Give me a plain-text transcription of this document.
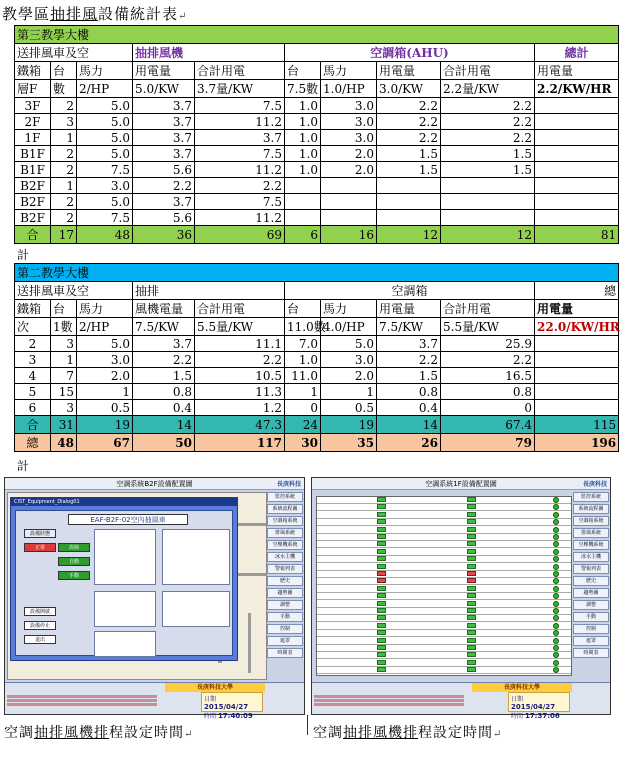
教學區抽排風設備統計表↵
第三教學大樓									
送排風車及空			抽排風機		空調箱(AHU)				總計
鐵箱	台	馬力	用電量	合計用電	台	馬力	用電量	合計用電	用電量
層F	數	2/HP	5.0/KW	3.7量/KW	7.5數	1.0/HP	3.0/KW	2.2量/KW	2.2/KW/HR
3F	2	5.0	3.7	7.5	1.0	3.0	2.2	2.2	
2F	3	5.0	3.7	11.2	1.0	3.0	2.2	2.2	
1F	1	5.0	3.7	3.7	1.0	3.0	2.2	2.2	
B1F	2	5.0	3.7	7.5	1.0	2.0	1.5	1.5	
B1F	2	7.5	5.6	11.2	1.0	2.0	1.5	1.5	
B2F	1	3.0	2.2	2.2					
B2F	2	5.0	3.7	7.5					
B2F	2	7.5	5.6	11.2					
合	17	48	36	69	6	16	12	12	81
計
第二教學大樓									
送排風車及空			抽排		空調箱				總
鐵箱	台	馬力	風機電量	合計用電	台	馬力	用電量	合計用電	用電量
次	1數	2/HP	7.5/KW	5.5量/KW	11.0數	4.0/HP	7.5/KW	5.5量/KW	22.0/KW/HR
2	3	5.0	3.7	11.1	7.0	5.0	3.7	25.9	
3	1	3.0	2.2	2.2	1.0	3.0	2.2	2.2	
4	7	2.0	1.5	10.5	11.0	2.0	1.5	16.5	
5	15	1	0.8	11.3	1	1	0.8	0.8	
6	3	0.5	0.4	1.2	0	0.5	0.4	0	
合	31	19	14	47.3	24	19	14	67.4	115
總	48	67	50	117	30	35	26	79	196
計
空調系統B2F設備配置圖	長庚科技
CIST_Equipment_Dialog01
EAF-B2F-02空內抽風車
設備狀態
正常	故障
自動
手動
設備開啟
設備停止
退出
監控系統
系統流程圖
空調箱系統
排風系統
空壓機系統
冰水主機
警報列表
歷史
趨勢圖
調整
手動
控制
遮罩
時間表
長庚科技大學
日期 2015/04/27
時間 17:40:09
空調系統1F設備配置圖	長庚科技
監控系統
系統流程圖
空調箱系統
排風系統
空壓機系統
冰水主機
警報列表
歷史
趨勢圖
調整
手動
控制
遮罩
時間表
長庚科技大學
日期 2015/04/27
時間 17:37:06
空調抽排風機排程設定時間↵	空調抽排風機排程設定時間↵
